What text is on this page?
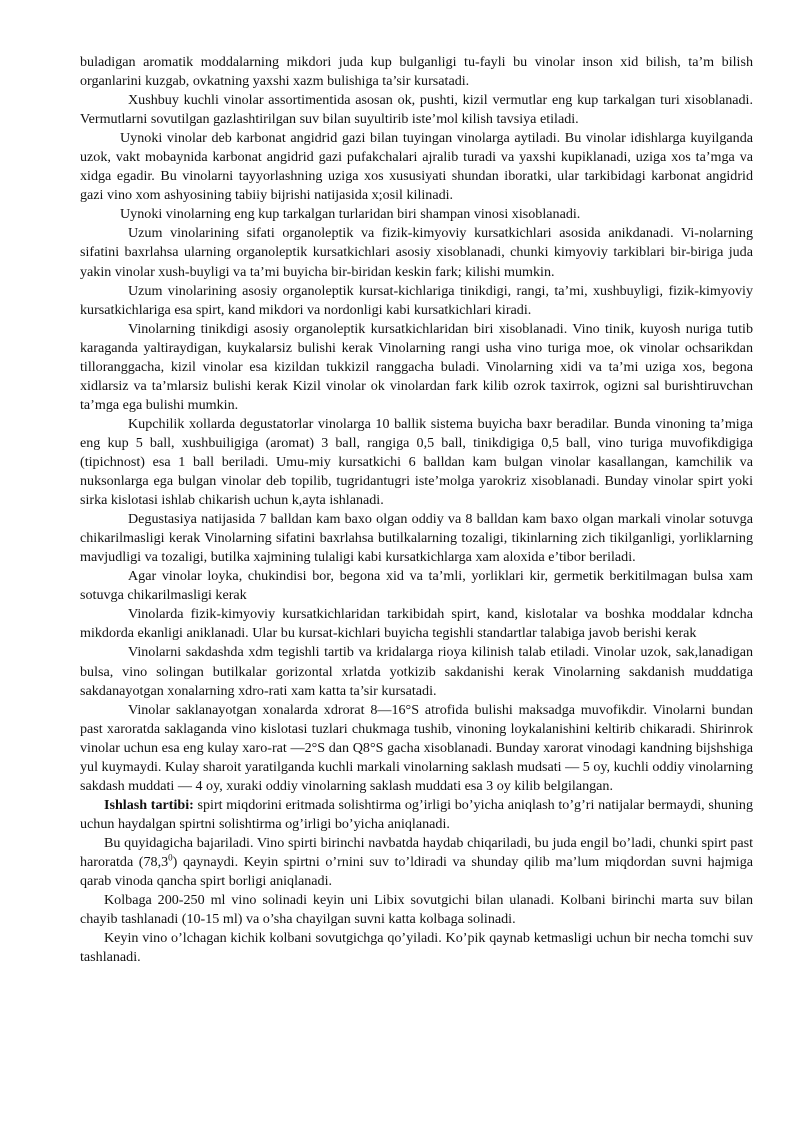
buladigan aromatik moddalarning mikdori juda kup bulganligi tu-fayli bu vinolar inson xid bilish, ta’m bilish organlarini kuzgab, ovkatning yaxshi xazm bulishiga ta’sir kursatadi.

Xushbuy kuchli vinolar assortimentida asosan ok, pushti, kizil vermutlar eng kup tarkalgan turi xisoblanadi. Vermutlarni sovutilgan gazlashtirilgan suv bilan suyultirib iste’mol kilish tavsiya etiladi.

Uynoki vinolar deb karbonat angidrid gazi bilan tuyingan vinolarga aytiladi. Bu vinolar idishlarga kuyilganda uzok, vakt mobaynida karbonat angidrid gazi pufakchalari ajralib turadi va yaxshi kupiklanadi, uziga xos ta’mga va xidga egadir. Bu vinolarni tayyorlashning uziga xos xususiyati shundan iboratki, ular tarkibidagi karbonat angidrid gazi vino xom ashyosining tabiiy bijrishi natijasida x;osil kilinadi.

Uynoki vinolarning eng kup tarkalgan turlaridan biri shampan vinosi xisoblanadi.

Uzum vinolarining sifati organoleptik va fizik-kimyoviy kursatkichlari asosida anikdanadi. Vi-nolarning sifatini baxrlahsa ularning organoleptik kursatkichlari asosiy xisoblanadi, chunki kimyoviy tarkiblari bir-biriga juda yakin vinolar xush-buyligi va ta’mi buyicha bir-biridan keskin fark; kilishi mumkin.

Uzum vinolarining asosiy organoleptik kursat-kichlariga tinikdigi, rangi, ta’mi, xushbuyligi, fizik-kimyoviy kursatkichlariga esa spirt, kand mikdori va nordonligi kabi kursatkichlari kiradi.

Vinolarning tinikdigi asosiy organoleptik kursatkichlaridan biri xisoblanadi. Vino tinik, kuyosh nuriga tutib karaganda yaltiraydigan, kuykalarsiz bulishi kerak Vinolarning rangi usha vino turiga moe, ok vinolar ochsarikdan tilloranggacha, kizil vinolar esa kizildan tukkizil ranggacha buladi. Vinolarning xidi va ta’mi uziga xos, begona xidlarsiz va ta’mlarsiz bulishi kerak Kizil vinolar ok vinolardan fark kilib ozrok taxirrok, ogizni sal burishtiruvchan ta’mga ega bulishi mumkin.

Kupchilik xollarda degustatorlar vinolarga 10 ballik sistema buyicha baxr beradilar. Bunda vinoning ta’miga eng kup 5 ball, xushbuiligiga (aromat) 3 ball, rangiga 0,5 ball, tinikdigiga 0,5 ball, vino turiga muvofikdigiga (tipichnost) esa 1 ball beriladi. Umu-miy kursatkichi 6 balldan kam bulgan vinolar kasallangan, kamchilik va nuksonlarga ega bulgan vinolar deb topilib, tugridantugri iste’molga yarokriz xisoblanadi. Bunday vinolar spirt yoki sirka kislotasi ishlab chikarish uchun k,ayta ishlanadi.

Degustasiya natijasida 7 balldan kam baxo olgan oddiy va 8 balldan kam baxo olgan markali vinolar sotuvga chikarilmasligi kerak Vinolarning sifatini baxrlahsa butilkalarning tozaligi, tikinlarning zich tikilganligi, yorliklarning mavjudligi va tozaligi, butilka xajmining tulaligi kabi kursatkichlarga xam aloxida e’tibor beriladi.

Agar vinolar loyka, chukindisi bor, begona xid va ta’mli, yorliklari kir, germetik berkitilmagan bulsa xam sotuvga chikarilmasligi kerak

Vinolarda fizik-kimyoviy kursatkichlaridan tarkibidah spirt, kand, kislotalar va boshka moddalar kdncha mikdorda ekanligi aniklanadi. Ular bu kursat-kichlari buyicha tegishli standartlar talabiga javob berishi kerak

Vinolarni sakdashda xdm tegishli tartib va kridalarga rioya kilinish talab etiladi. Vinolar uzok, sak,lanadigan bulsa, vino solingan butilkalar gorizontal xrlatda yotkizib sakdanishi kerak Vinolarning sakdanish muddatiga sakdanayotgan xonalarning xdro-rati xam katta ta’sir kursatadi.

Vinolar saklanayotgan xonalarda xdrorat 8—16°S atrofida bulishi maksadga muvofikdir. Vinolarni bundan past xaroratda saklaganda vino kislotasi tuzlari chukmaga tushib, vinoning loykalanishini keltirib chikaradi. Shirinrok vinolar uchun esa eng kulay xaro-rat —2°S dan Q8°S gacha xisoblanadi. Bunday xarorat vinodagi kandning bijshshiga yul kuymaydi. Kulay sharoit yaratilganda kuchli markali vinolarning saklash mudsati — 5 oy, kuchli oddiy vinolarning sakdash muddati — 4 oy, xuraki oddiy vinolarning saklash muddati esa 3 oy kilib belgilangan.

Ishlash tartibi: spirt miqdorini eritmada solishtirma og’irligi bo’yicha aniqlash to’g’ri natijalar bermaydi, shuning uchun haydalgan spirtni solishtirma og’irligi bo’yicha aniqlanadi.

Bu quyidagicha bajariladi. Vino spirti birinchi navbatda haydab chiqariladi, bu juda engil bo’ladi, chunki spirt past haroratda (78,3$^0$) qaynaydi. Keyin spirtni o’rnini suv to’ldiradi va shunday qilib ma’lum miqdordan suvni hajmiga qarab vinoda qancha spirt borligi aniqlanadi.

Kolbaga 200-250 ml vino solinadi keyin uni Libix sovutgichi bilan ulanadi. Kolbani birinchi marta suv bilan chayib tashlanadi (10-15 ml) va o’sha chayilgan suvni katta kolbaga solinadi.

Keyin vino o’lchagan kichik kolbani sovutgichga qo’yiladi. Ko’pik qaynab ketmasligi uchun bir necha tomchi suv tashlanadi.
